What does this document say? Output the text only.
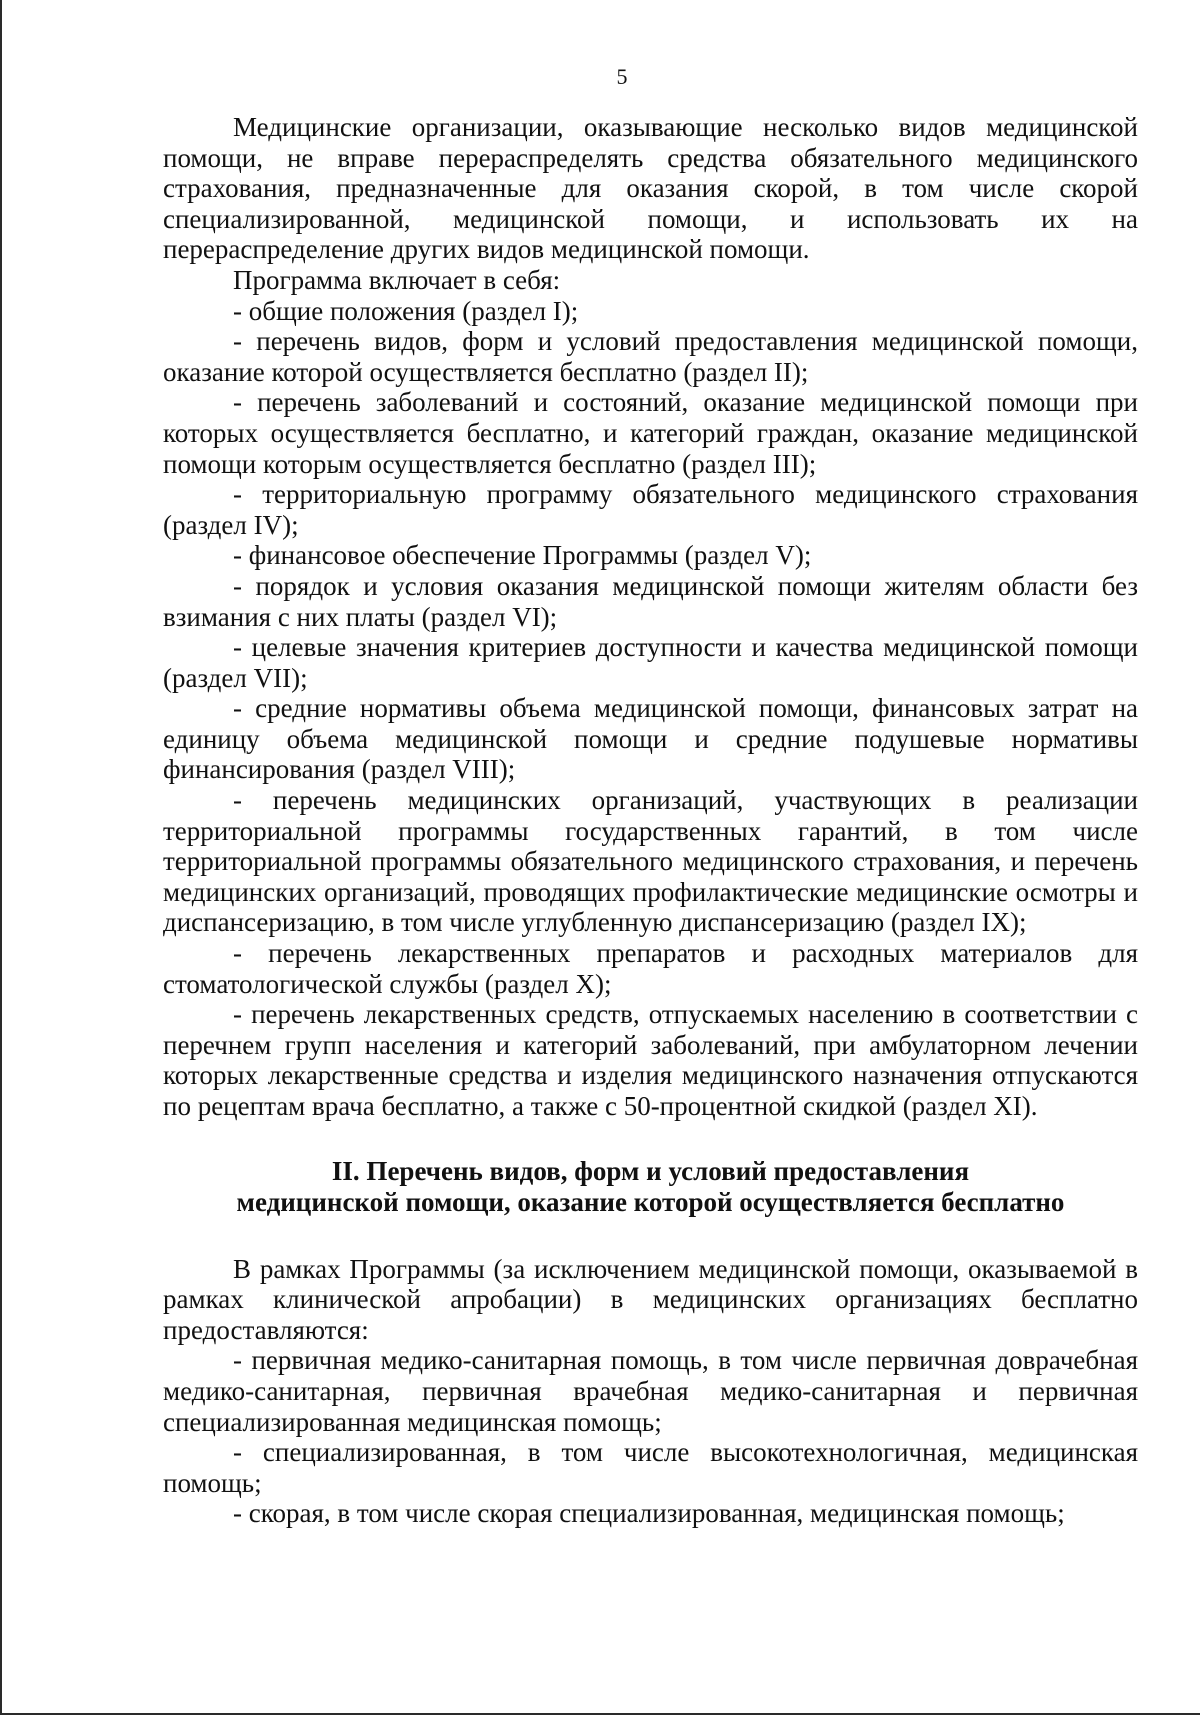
5

Медицинские организации, оказывающие несколько видов медицинской помощи, не вправе перераспределять средства обязательного медицинского страхования, предназначенные для оказания скорой, в том числе скорой специализированной, медицинской помощи, и использовать их на перераспределение других видов медицинской помощи.

Программа включает в себя:

- общие положения (раздел I);

- перечень видов, форм и условий предоставления медицинской помощи, оказание которой осуществляется бесплатно (раздел II);

- перечень заболеваний и состояний, оказание медицинской помощи при которых осуществляется бесплатно, и категорий граждан, оказание медицинской помощи которым осуществляется бесплатно (раздел III);

- территориальную программу обязательного медицинского страхования (раздел IV);

- финансовое обеспечение Программы (раздел V);

- порядок и условия оказания медицинской помощи жителям области без взимания с них платы (раздел VI);

- целевые значения критериев доступности и качества медицинской помощи (раздел VII);

- средние нормативы объема медицинской помощи, финансовых затрат на единицу объема медицинской помощи и средние подушевые нормативы финансирования (раздел VIII);

- перечень медицинских организаций, участвующих в реализации территориальной программы государственных гарантий, в том числе территориальной программы обязательного медицинского страхования, и перечень медицинских организаций, проводящих профилактические медицинские осмотры и диспансеризацию, в том числе углубленную диспансеризацию (раздел IX);

- перечень лекарственных препаратов и расходных материалов для стоматологической службы (раздел X);

- перечень лекарственных средств, отпускаемых населению в соответствии с перечнем групп населения и категорий заболеваний, при амбулаторном лечении которых лекарственные средства и изделия медицинского назначения отпускаются по рецептам врача бесплатно, а также с 50-процентной скидкой (раздел XI).

II. Перечень видов, форм и условий предоставления
медицинской помощи, оказание которой осуществляется бесплатно

В рамках Программы (за исключением медицинской помощи, оказываемой в рамках клинической апробации) в медицинских организациях бесплатно предоставляются:

- первичная медико-санитарная помощь, в том числе первичная доврачебная медико-санитарная, первичная врачебная медико-санитарная и первичная специализированная медицинская помощь;

- специализированная, в том числе высокотехнологичная, медицинская помощь;

- скорая, в том числе скорая специализированная, медицинская помощь;
